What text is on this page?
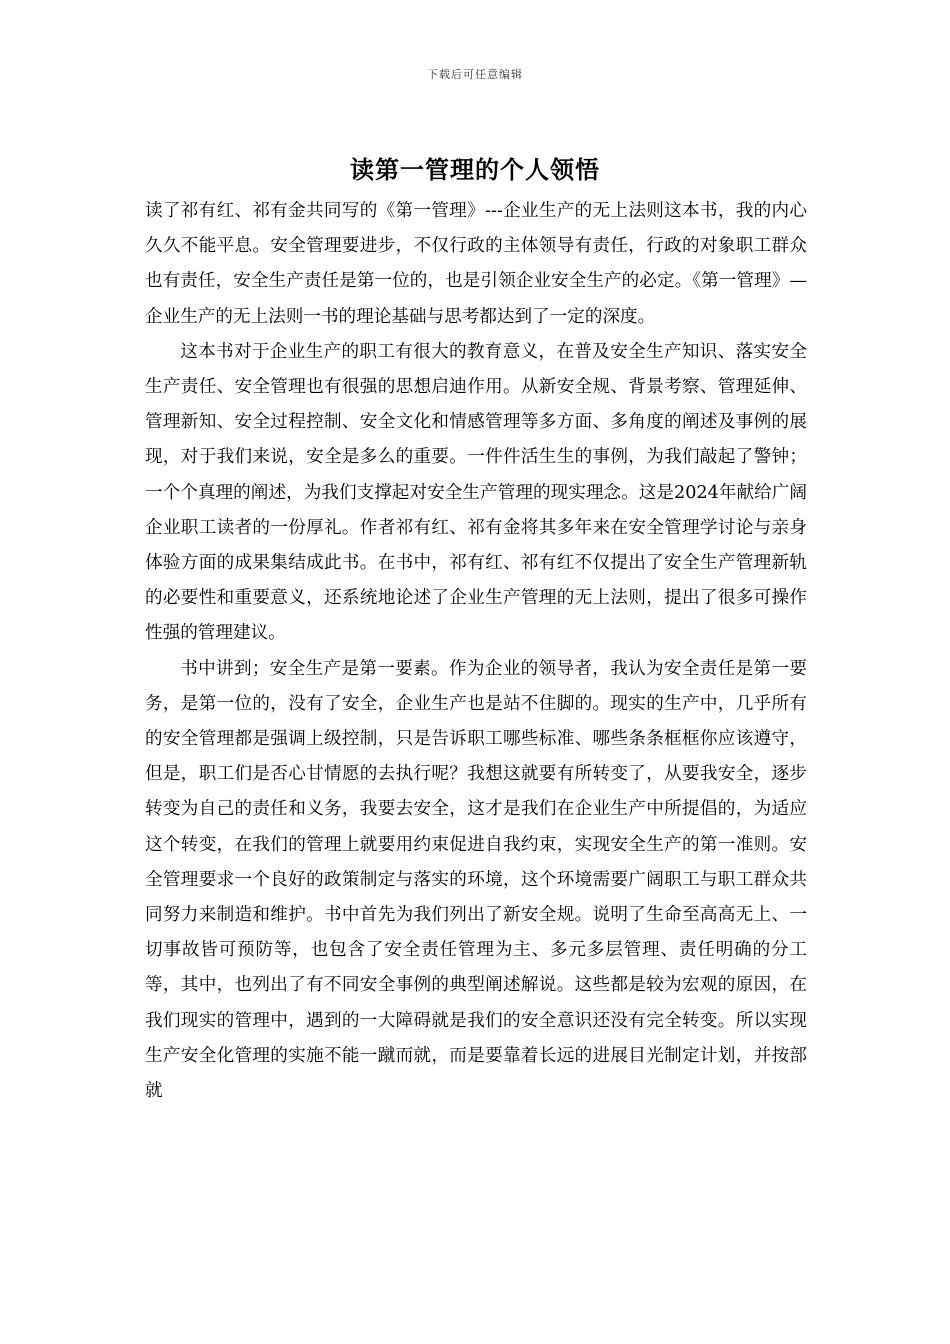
下载后可任意编辑
读第一管理的个人领悟

读了祁有红、祁有金共同写的《第一管理》---企业生产的无上法则这本书，我的内心久久不能平息。安全管理要进步，不仅行政的主体领导有责任，行政的对象职工群众也有责任，安全生产责任是第一位的，也是引领企业安全生产的必定。《第一管理》—企业生产的无上法则一书的理论基础与思考都达到了一定的深度。

这本书对于企业生产的职工有很大的教育意义，在普及安全生产知识、落实安全生产责任、安全管理也有很强的思想启迪作用。从新安全规、背景考察、管理延伸、管理新知、安全过程控制、安全文化和情感管理等多方面、多角度的阐述及事例的展现，对于我们来说，安全是多么的重要。一件件活生生的事例，为我们敲起了警钟；一个个真理的阐述，为我们支撑起对安全生产管理的现实理念。这是2024年献给广阔企业职工读者的一份厚礼。作者祁有红、祁有金将其多年来在安全管理学讨论与亲身体验方面的成果集结成此书。在书中，祁有红、祁有红不仅提出了安全生产管理新轨的必要性和重要意义，还系统地论述了企业生产管理的无上法则，提出了很多可操作性强的管理建议。

书中讲到；安全生产是第一要素。作为企业的领导者，我认为安全责任是第一要务，是第一位的，没有了安全，企业生产也是站不住脚的。现实的生产中，几乎所有的安全管理都是强调上级控制，只是告诉职工哪些标准、哪些条条框框你应该遵守，但是，职工们是否心甘情愿的去执行呢？我想这就要有所转变了，从要我安全，逐步转变为自己的责任和义务，我要去安全，这才是我们在企业生产中所提倡的，为适应这个转变，在我们的管理上就要用约束促进自我约束，实现安全生产的第一准则。安全管理要求一个良好的政策制定与落实的环境，这个环境需要广阔职工与职工群众共同努力来制造和维护。书中首先为我们列出了新安全规。说明了生命至高高无上、一切事故皆可预防等，也包含了安全责任管理为主、多元多层管理、责任明确的分工等，其中，也列出了有不同安全事例的典型阐述解说。这些都是较为宏观的原因，在我们现实的管理中，遇到的一大障碍就是我们的安全意识还没有完全转变。所以实现生产安全化管理的实施不能一蹴而就，而是要靠着长远的进展目光制定计划，并按部就
